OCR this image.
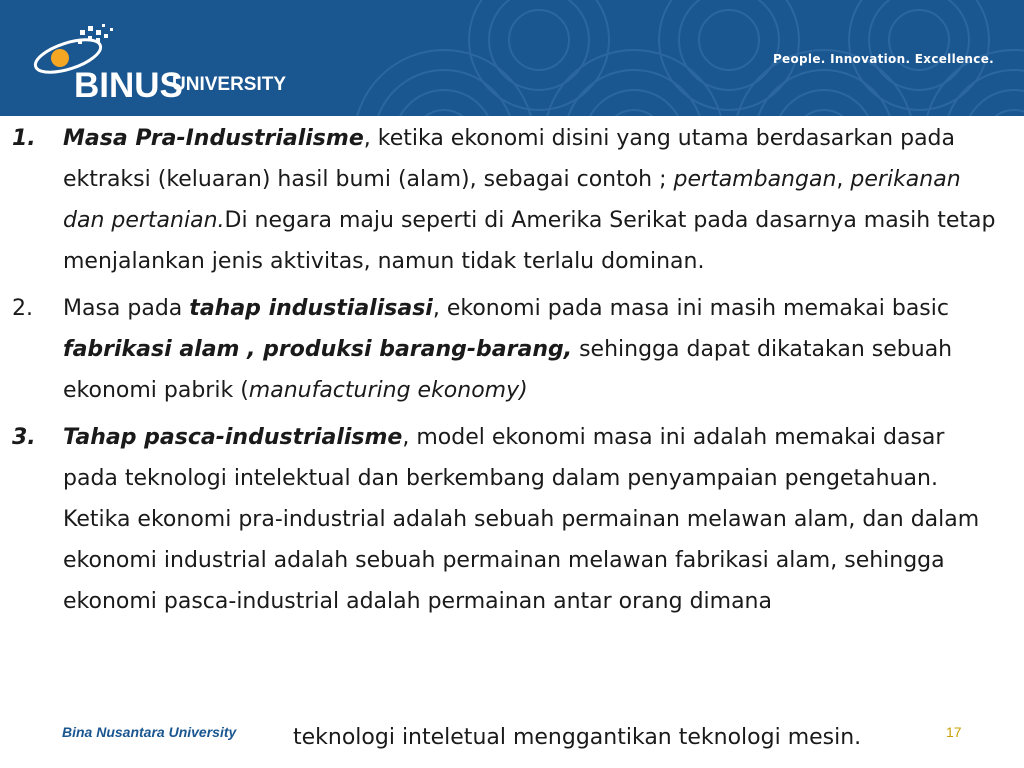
BINUS
UNIVERSITY
People. Innovation. Excellence.
1. Masa Pra-Industrialisme, ketika ekonomi disini yang utama berdasarkan pada ektraksi (keluaran) hasil bumi (alam), sebagai contoh ; pertambangan, perikanan dan pertanian.Di negara maju seperti di Amerika Serikat pada dasarnya masih tetap menjalankan jenis aktivitas, namun tidak terlalu dominan.
2. Masa pada tahap industialisasi, ekonomi pada masa ini masih memakai basic fabrikasi alam , produksi barang-barang, sehingga dapat dikatakan sebuah ekonomi pabrik (manufacturing ekonomy)
3. Tahap pasca-industrialisme, model ekonomi masa ini adalah memakai dasar pada teknologi intelektual dan berkembang dalam penyampaian pengetahuan. Ketika ekonomi pra-industrial adalah sebuah permainan melawan alam, dan dalam ekonomi industrial adalah sebuah permainan melawan fabrikasi alam, sehingga ekonomi pasca-industrial adalah permainan antar orang dimana
Bina Nusantara University	17
teknologi inteletual menggantikan teknologi mesin.
